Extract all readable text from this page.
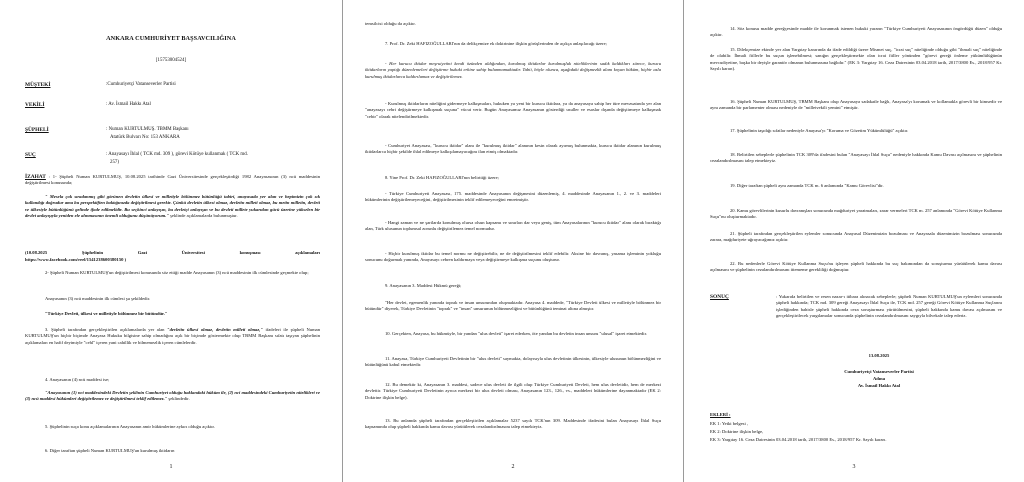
ANKARA CUMHURİYET BAŞSAVCILIĞINA
[15753004524]
MÜŞTEKİ	:Cumhuriyetçi Vatanseverler Partisi
VEKİLİ	: Av. İsmail Hakkı Atal
ŞÜPHELİ	: Numan KURTULMUŞ. TBMM Başkanı
Atatürk Bulvarı No: 153 ANKARA
SUÇ	: Anayasayı İhlal ( TCK md. 309 ), görevi Kötüye kullanmak ( TCK md.
257)
İZAHAT : 1- Şüpheli Numan KURTULMUŞ, 10.08.2025 tarihinde Gazi Üniversitesinde gerçekleştirdiği 1982 Anayasasının (3) ncü maddesinin değiştirilmesi konusunda;
" Mesela çok sıradanmış gibi görünen devletin ülkesi ve milletiyle bölünmez bütünlüğü tabiri, anayasada yer alan ve hepimizin çok sık kullandığı doğrudur ama bu perspektiften baktığınızda değiştirilmesi gerekir. Çünkü devletin ülkesi olmaz, devletin milleti olmaz, bu metin milletin, devleti ve ülkesiyle bütünlüğünü gelinde ifade edilmelidir. Bu seçkinci anlayışın, bu devletçi anlayışın ve bu devleti millete yukarıdan gücü üzerine yükselen bir devlet anlayışıyla yeniden ele alınmasının önemli olduğunu düşünüyorum." şeklinde açıklamalarda bulunmuştur.
(10.08.2025	Şüphelinin	Gazi	Üniversitesi	konuşması	açıklamaları
https://www.facebook.com/reel/1541238600380150 )
2- Şüpheli Numan KURTULMUŞ'un değiştirilmesi konusunda söz ettiği madde Anayasanın (3) ncü maddesinin ilk cümlesinde geçmekte olup;
Anayasanın (3) ncü maddesinin ilk cümlesi şu şekildedir.
"Türkiye Devleti, ülkesi ve milletiyle bölünmez bir bütündür."
3. Şüpheli tarafından gerçekleştirilen açıklamalarda yer alan "devletin ülkesi olmaz, devletin milleti olmaz," ifadeleri ile şüpheli Numan KURTULMUŞ'un hiçbir biçimde Anayasa Hukuku bilgisine sahip olmadığını açık bir biçimde göstermekte olup TBMM Başkanı sıfatı taşıyan şüphelinin açıklamaları en hafif deyimiyle "cehl" içeren yani cahillik ve bilmemezlik içeren cümlelerdir.
4. Anayasanın (4) ncü maddesi ise;
"Anayasanın (1) nci maddesindeki Devletin şeklinin Cumhuriyet olduğu hakkındaki hüküm ile, (2) nci maddesindeki Cumhuriyetin nitelikleri ve (3) ncü maddesi hükümleri değiştirilemez ve değiştirilmesi teklif edilemez." şeklindedir.
5. Şüphelinin suça konu açıklamalarının Anayasanın amir hükümlerine aykırı olduğu açıktır.
6. Diğer taraftan şüpheli Numan KURTULMUŞ'un kurulmuş iktidarın
1
temsilcisi olduğu da açıktır.
7. Prof. Dr. Zeki HAFIZOĞULLARI'nın da delikçemize ek doktrinine ilişkin görüşlerinden de açıkça anlaşılacağı üzere;
- Her kurucu iktidar meşruiyetini kendi özünden aldığından, kurulmuş iktidarlar kurulmuşluk niteliklerinin sadık kaldıkları sürece, kurucu iktidarların yaptığı düzenlemeleri değiştirme hukuki erkine sahip bulunmamaktadır. Tabii, böyle olunca, aşağıdaki değişmezlik alanı koyan hüküm, hiçbir asla kurulmuş iktidarlarca kaldırılamaz ve değiştirilemez.
- Kurulmuş iktidarların niteliğini gidermeye kalkışmaları, hukuken ya yeni bir kurucu iktidara, ya da anayasaya sahip her türe mevzuatında yer alan "anayasayı cebri değiştirmeye kalkışmak suçuna" vücut verir. Bugün Anayasamız Anayasanın gösterdiği usuller ve esaslar dışında değiştirmeye kalkışmak "cebir" olarak nitelendirilmektedir.
- Cumhuriyet Anayasası, "kurucu iktidar" alanı ile "kurulmuş iktidar" alanının kesin olarak ayırmış bulunmakta, kurucu iktidar alanının kurulmuş iktidarlarca hiçbir şekilde ihlal edilmeye kalkışılamayacağını ilan etmiş olmaktadır.
8. Yine Prof. Dr. Zeki HAFIZOĞULLARI'nın belirttiği üzere;
- Türkiye Cumhuriyeti Anayasası, 175. maddesinde Anayasanın değişmesini düzenlemiş, 4. maddesinde Anayasanın 1., 2. ve 3. maddeleri hükümlerinin değiştirilemeyeceğini, değiştirilmesinin teklif edilemeyeceğini emretmiştir.
- Hangi zaman ve ne şartlarda konulmuş olursa olsun kapsamı ve sınırları dar veya geniş, tüm Anayasalarının "kurucu iktidar" alanı olarak bıraktığı alan, Türk ulusunun toplumsal zorunlu değiştirilemez temel normudur.
- Hiçbir kurulmuş iktidar bu temel normu ne değiştirebilir, ne de değiştirilmesini teklif edebilir. Aksine bir davranış, yasama işleminin yokluğu sonucunu doğurmak yanında, Anayasayı cebren kaldırmaya veya değiştirmeye kalkışma suçunu oluşturur.
9. Anayasanın 3. Maddesi Hükmü gereği;
"Her devlet, egemenlik yanında toprak ve insan unsurundan oluşmaktadır. Anayasa 4. maddede, "Türkiye Devleti ülkesi ve milletiyle bölünmez bir bütündür" diyerek, Türkiye Devletinin "toprak" ve "insan" unsurunun bölünmezliğini ve bütünlüğünü teminat altına almıştır.
10. Gerçekten, Anayasa, bu hükmüyle, bir yandan "ulus devleti" işaret ederken, öte yandan bu devletin insan unsuru "ulusal" işaret etmektedir.
11. Anayasa, Türkiye Cumhuriyeti Devletinin bir "ulus devleti" saymakta, dolayısıyla ulus devletinin ülkesinin, ülkesiyle ulusunun bölünmezliğini ve bütünlüğünü kabul etmektedir.
12. Bu demektir ki, Anayasanın 3. maddesi, sadece ulus devleti ile ilgili olup Türkiye Cumhuriyeti Devleti, hem ulus devletidir, hem de merkezi devlettir. Türkiye Cumhuriyeti Devletinin ayrıca merkezi bir ulus devleti olması, Anayasanın 123., 126., vs., maddeleri hükümlerine dayanmaktadır (EK 2: Doktrine ilişkin belge).
13. Bu anlamda şüpheli tarafından gerçekleştirilen açıklamalar 5237 sayılı TCK'nın 309. Maddesinde ifadesini bulan Anayasayı İhlal Suçu kapsamında olup şüpheli hakkında kamu davası yürütülerek cezalandırılmasını talep etmekteyiz.
2
14. Söz konusu madde gereğçesinde madde ile korunmak istenen hukuki yararın "Türkiye Cumhuriyeti Anayasasının öngördüğü düzen" olduğu açıktır.
15. Dilekçemize ekinde yer alan Yargıtay kararında da ifade edildiği üzere Mismet suç, "icrai suç" niteliğinde olduğu gibi "ihmali suç" niteliğinde de olabilir. İhmali fiillerle bu suçun işlenebilmesi; sanığın gerçekleştirmekte olan icrai fiiller yönünden "görevi gereği önleme yükümlülüğünün mevcudiyetine, başka bir deyişle garantör olmanın bulunmasına bağlıdır." (EK 3: Yargıtay 16. Ceza Dairesinin 03.04.2018 tarih, 2017/3800 Es., 2018/957 Kr. Sayılı kararı).
16. Şüpheli Numan KURTULMUŞ, TBMM Başkanı olup Anayasaya sadakatle bağlı, Anayasa'yı korumak ve kollamakla görevli bir kimsedir ve aynı zamanda bir parlamenter olması nedeniyle de "milletvekili yemini" etmiştir.
17. Şüphelinin taşıdığı sıfatlar nedeniyle Anayasa'yı "Koruma ve Gözetim Yükümlülüğü" açıktır.
18. Belirtilen sebeplerle şüphelinin TCK 309'da ifadesini bulan "Anayasayı İhlal Suçu" nedeniyle hakkında Kamu Davası açılmasını ve şüphelinin cezalandırılmasını talep etmekteyiz.
19. Diğer taraftan şüpheli aynı zamanda TCK m. 6 anlamında "Kamu Görevlisi"dir.
20. Kamu görevlilerinin kusurlu davranışları sonucunda mağduriyet yaratmaları, zarar vermeleri TCK m. 257 anlamında "Görevi Kötüye Kullanma Suçu"nu oluşturmaktadır.
21. Şüpheli tarafından gerçekleştirilen eylemler sonucunda Anayasal Düzenimizin bozulması ve Anayasala düzenimizin bozulması sonucunda zarara, mağduriyete uğrayacağımız açıktır.
22. Bu nedenlerle Görevi Kötüye Kullanma Suçu'nu işleyen şüpheli hakkında bu suç bakımından da soruşturma yürütülerek kamu davası açılmasını ve şüphelinin cezalandırılmasını ittememe gerekliliği doğmuştur.
SONUÇ	: Yukarıda belirtilen ve resen nazar-ı itibara alınacak sebeplerle; şüpheli Numan KURTULMUŞ'un eylemleri sonucunda şüpheli hakkında; TCK md. 309 gereği Anayasayı İhlal Suçu ile, TCK md. 257 gereği Görevi Kötüye Kullanma Suçlarını işlediğinden bahisle şüpheli hakkında ceza soruşturması yürütülmesini, şüpheli hakkında kamu davası açılmasını ve gerçekleştirilecek yargılamalar sonucunda şüphelinin cezalandırılmasını saygıyla bilvekale talep ederiz.
13.08.2025
Cumhuriyetçi Vatanseverler Partisi
Adına
Av. İsmail Hakkı Atal
EKLERİ :
EK 1: Yetki belgesi ,
EK 2: Doktrine ilişkin belge,
EK 3: Yargıtay 16. Ceza Dairesinin 03.04.2018 tarih, 2017/3800 Es., 2018/957 Kr. Sayılı kararı.
3
